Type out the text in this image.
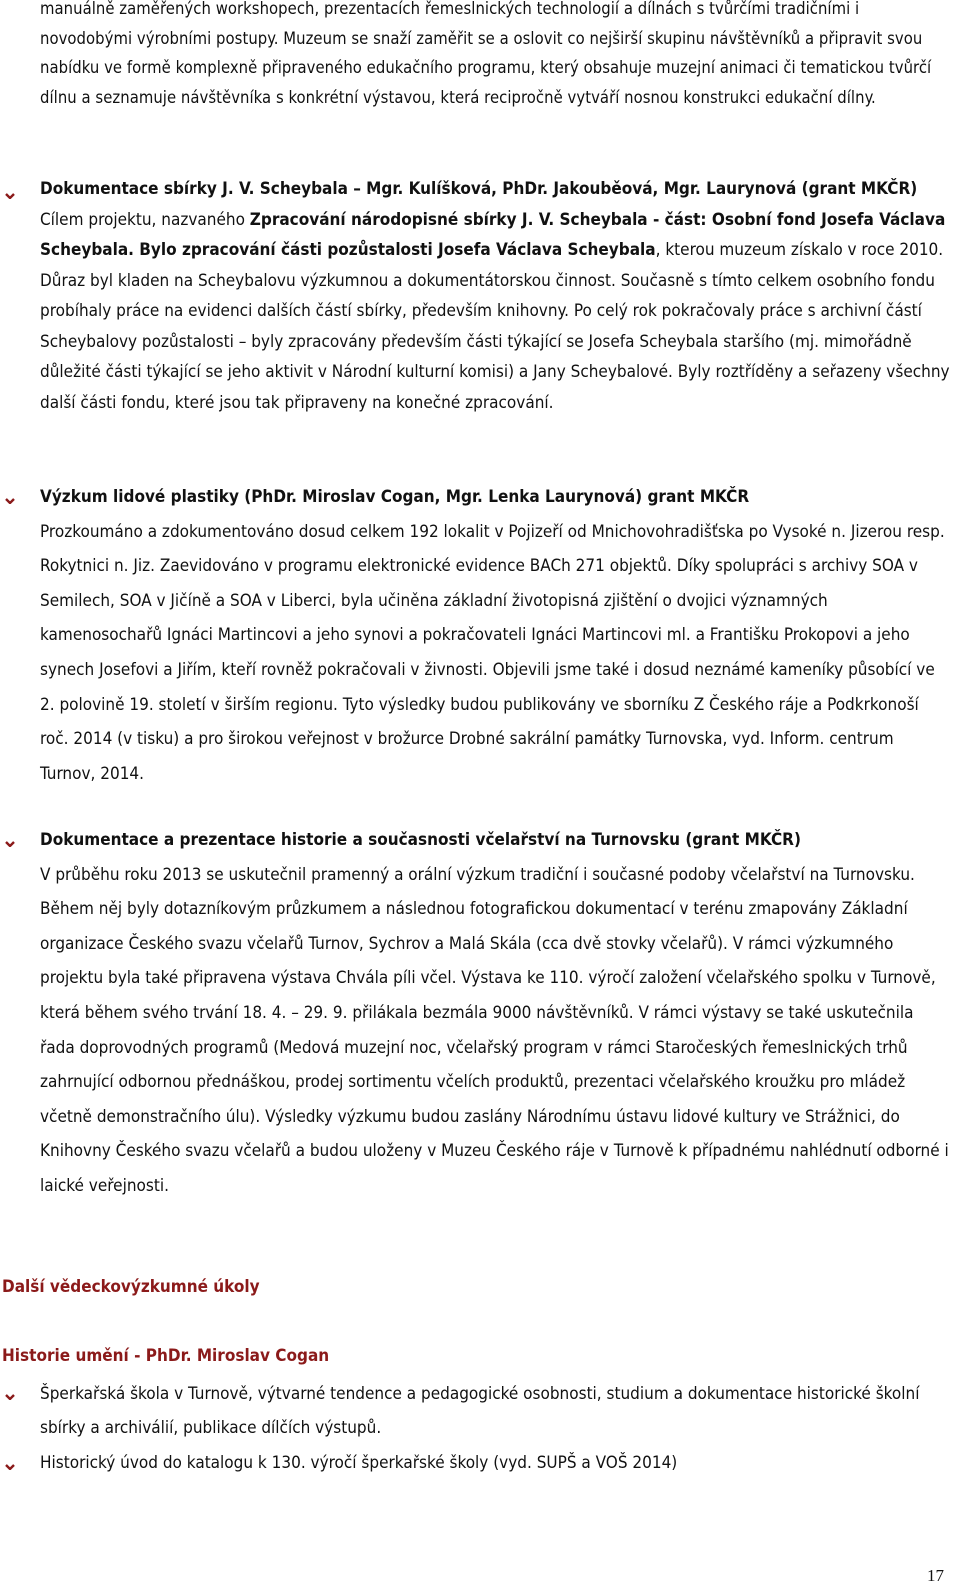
manuálně zaměřených workshopech, prezentacích řemeslnických technologií a dílnách s tvůrčími tradičními i novodobými výrobními postupy. Muzeum se snaží zaměřit se a oslovit co nejširší skupinu návštěvníků a připravit svou nabídku ve formě komplexně připraveného edukačního programu, který obsahuje muzejní animaci či tematickou tvůrčí dílnu a seznamuje návštěvníka s konkrétní výstavou, která recipročně vytváří nosnou konstrukci edukační dílny.

Dokumentace sbírky J. V. Scheybala – Mgr. Kulíšková, PhDr. Jakouběová, Mgr. Laurynová (grant MKČR)

Cílem projektu, nazvaného Zpracování národopisné sbírky J. V. Scheybala - část: Osobní fond Josefa Václava Scheybala. Bylo zpracování části pozůstalosti Josefa Václava Scheybala, kterou muzeum získalo v roce 2010. Důraz byl kladen na Scheybalovu výzkumnou a dokumentátorskou činnost. Současně s tímto celkem osobního fondu probíhaly práce na evidenci dalších částí sbírky, především knihovny. Po celý rok pokračovaly práce s archivní částí Scheybalovy pozůstalosti – byly zpracovány především části týkající se Josefa Scheybala staršího (mj. mimořádně důležité části týkající se jeho aktivit v Národní kulturní komisi) a Jany Scheybalové. Byly roztříděny a seřazeny všechny další části fondu, které jsou tak připraveny na konečné zpracování.

Výzkum lidové plastiky (PhDr. Miroslav Cogan, Mgr. Lenka Laurynová) grant MKČR

Prozkoumáno a zdokumentováno dosud celkem 192 lokalit v Pojizeří od Mnichovohradišťska po Vysoké n. Jizerou resp. Rokytnici n. Jiz. Zaevidováno v programu elektronické evidence BACh 271 objektů. Díky spolupráci s archivy SOA v Semilech, SOA v Jičíně a SOA v Liberci, byla učiněna základní životopisná zjištění o dvojici významných kamenosochařů Ignáci Martincovi a jeho synovi a pokračovateli Ignáci Martincovi ml. a Františku Prokopovi a jeho synech Josefovi a Jiřím, kteří rovněž pokračovali v živnosti. Objevili jsme také i dosud neznámé kameníky působící ve 2. polovině 19. století v širším regionu. Tyto výsledky budou publikovány ve sborníku Z Českého ráje a Podkrkonoší roč. 2014 (v tisku) a pro širokou veřejnost v brožurce Drobné sakrální památky Turnovska, vyd. Inform. centrum Turnov, 2014.

Dokumentace a prezentace historie a současnosti včelařství na Turnovsku (grant MKČR)

V průběhu roku 2013 se uskutečnil pramenný a orální výzkum tradiční i současné podoby včelařství na Turnovsku. Během něj byly dotazníkovým průzkumem a následnou fotografickou dokumentací v terénu zmapovány Základní organizace Českého svazu včelařů Turnov, Sychrov a Malá Skála (cca dvě stovky včelařů). V rámci výzkumného projektu byla také připravena výstava Chvála píli včel. Výstava ke 110. výročí založení včelařského spolku v Turnově, která během svého trvání 18. 4. – 29. 9. přilákala bezmála 9000 návštěvníků. V rámci výstavy se také uskutečnila řada doprovodných programů (Medová muzejní noc, včelařský program v rámci Staročeských řemeslnických trhů zahrnující odbornou přednáškou, prodej sortimentu včelích produktů, prezentaci včelařského kroužku pro mládež včetně demonstračního úlu). Výsledky výzkumu budou zaslány Národnímu ústavu lidové kultury ve Strážnici, do Knihovny Českého svazu včelařů a budou uloženy v Muzeu Českého ráje v Turnově k případnému nahlédnutí odborné i laické veřejnosti.

Další vědeckovýzkumné úkoly
Historie umění - PhDr. Miroslav Cogan
Šperkařská škola v Turnově, výtvarné tendence a pedagogické osobnosti, studium a dokumentace historické školní sbírky a archiválií, publikace dílčích výstupů.
Historický úvod do katalogu k 130. výročí šperkařské školy (vyd. SUPŠ a VOŠ 2014)
17
